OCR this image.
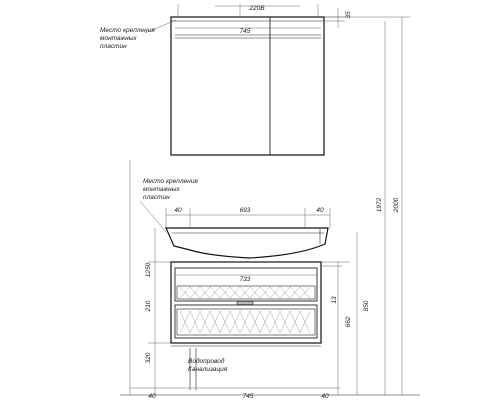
220В
745
35
Место крепления
монтажных
пластин
Место крепления
монтажных
пластин
40	693	40
733
1250
210
320
13
662
850
1972 2000
Водопровод
Канализация
40	745	40
